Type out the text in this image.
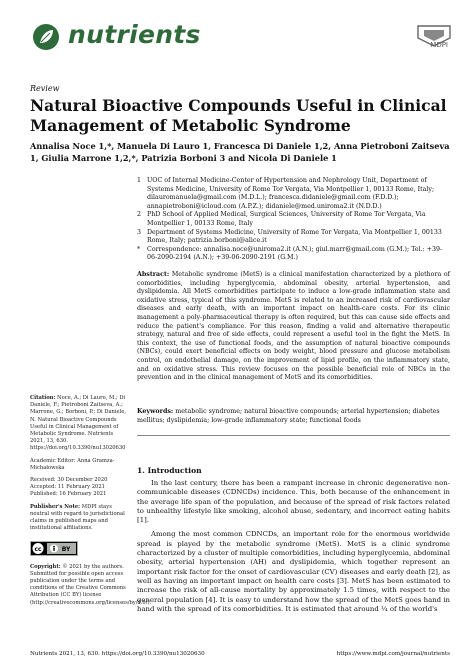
nutrients	MDPI
Review
Natural Bioactive Compounds Useful in Clinical Management of Metabolic Syndrome
Annalisa Noce 1,*, Manuela Di Lauro 1, Francesca Di Daniele 1,2, Anna Pietroboni Zaitseva 1, Giulia Marrone 1,2,*, Patrizia Borboni 3 and Nicola Di Daniele 1
1 UOC of Internal Medicine-Center of Hypertension and Nephrology Unit, Department of Systems Medicine, University of Rome Tor Vergata, Via Montpellier 1, 00133 Rome, Italy; dilauromanuela@gmail.com (M.D.L.); francesca.didaniele@gmail.com (F.D.D.); annapietroboni@icloud.com (A.P.Z.); didaniele@med.uniroma2.it (N.D.D.)
2 PhD School of Applied Medical, Surgical Sciences, University of Rome Tor Vergata, Via Montpellier 1, 00133 Rome, Italy
3 Department of Systems Medicine, University of Rome Tor Vergata, Via Montpellier 1, 00133 Rome, Italy; patrizia.borboni@alice.it
*	Correspondence: annalisa.noce@uniroma2.it (A.N.); giul.marr@gmail.com (G.M.); Tel.: +39-06-2090-2194 (A.N.); +39-06-2090-2191 (G.M.)
Abstract: Metabolic syndrome (MetS) is a clinical manifestation characterized by a plethora of comorbidities, including hyperglycemia, abdominal obesity, arterial hypertension, and dyslipidemia. All MetS comorbidities participate to induce a low-grade inflammation state and oxidative stress, typical of this syndrome. MetS is related to an increased risk of cardiovascular diseases and early death, with an important impact on health-care costs. For its clinic management a poly-pharmaceutical therapy is often required, but this can cause side effects and reduce the patient's compliance. For this reason, finding a valid and alternative therapeutic strategy, natural and free of side effects, could represent a useful tool in the fight the MetS. In this context, the use of functional foods, and the assumption of natural bioactive compounds (NBCs), could exert beneficial effects on body weight, blood pressure and glucose metabolism control, on endothelial damage, on the improvement of lipid profile, on the inflammatory state, and on oxidative stress. This review focuses on the possible beneficial role of NBCs in the prevention and in the clinical management of MetS and its comorbidities.
Keywords: metabolic syndrome; natural bioactive compounds; arterial hypertension; diabetes mellitus; dyslipidemia; low-grade inflammatory state; functional foods

Citation: Noce, A.; Di Lauro, M.; Di Daniele, F.; Pietroboni Zaitseva, A.; Marrone, G.; Borboni, P.; Di Daniele, N. Natural Bioactive Compounds Useful in Clinical Management of Metabolic Syndrome. Nutrients 2021, 13, 630. https://doi.org/10.3390/nu13020630

Academic Editor: Anna Gramza-Michałowska

Received: 30 December 2020
Accepted: 11 February 2021

Published: 16 February 2021

Publisher's Note: MDPI stays neutral with regard to jurisdictional claims in published maps and institutional affiliations.

cc	BY

Copyright: © 2021 by the authors. Submitted for possible open access publication under the terms and conditions of the Creative Commons Attribution (CC BY) license (http://creativecommons.org/licenses/by/4.0/).

1. Introduction

In the last century, there has been a rampant increase in chronic degenerative non-communicable diseases (CDNCDs) incidence. This, both because of the enhancement in the average life span of the population, and because of the spread of risk factors related to unhealthy lifestyle like smoking, alcohol abuse, sedentary, and incorrect eating habits [1].

Among the most common CDNCDs, an important role for the enormous worldwide spread is played by the metabolic syndrome (MetS). MetS is a clinic syndrome characterized by a cluster of multiple comorbidities, including hyperglycemia, abdominal obesity, arterial hypertension (AH) and dyslipidemia, which together represent an important risk factor for the onset of cardiovascular (CV) diseases and early death [2], as well as having an important impact on health care costs [3]. MetS has been estimated to increase the risk of all-cause mortality by approximately 1.5 times, with respect to the general population [4]. It is easy to understand how the spread of the MetS goes hand in hand with the spread of its comorbidities. It is estimated that around ¼ of the world's

Nutrients 2021, 13, 630. https://doi.org/10.3390/nu13020630	https://www.mdpi.com/journal/nutrients
